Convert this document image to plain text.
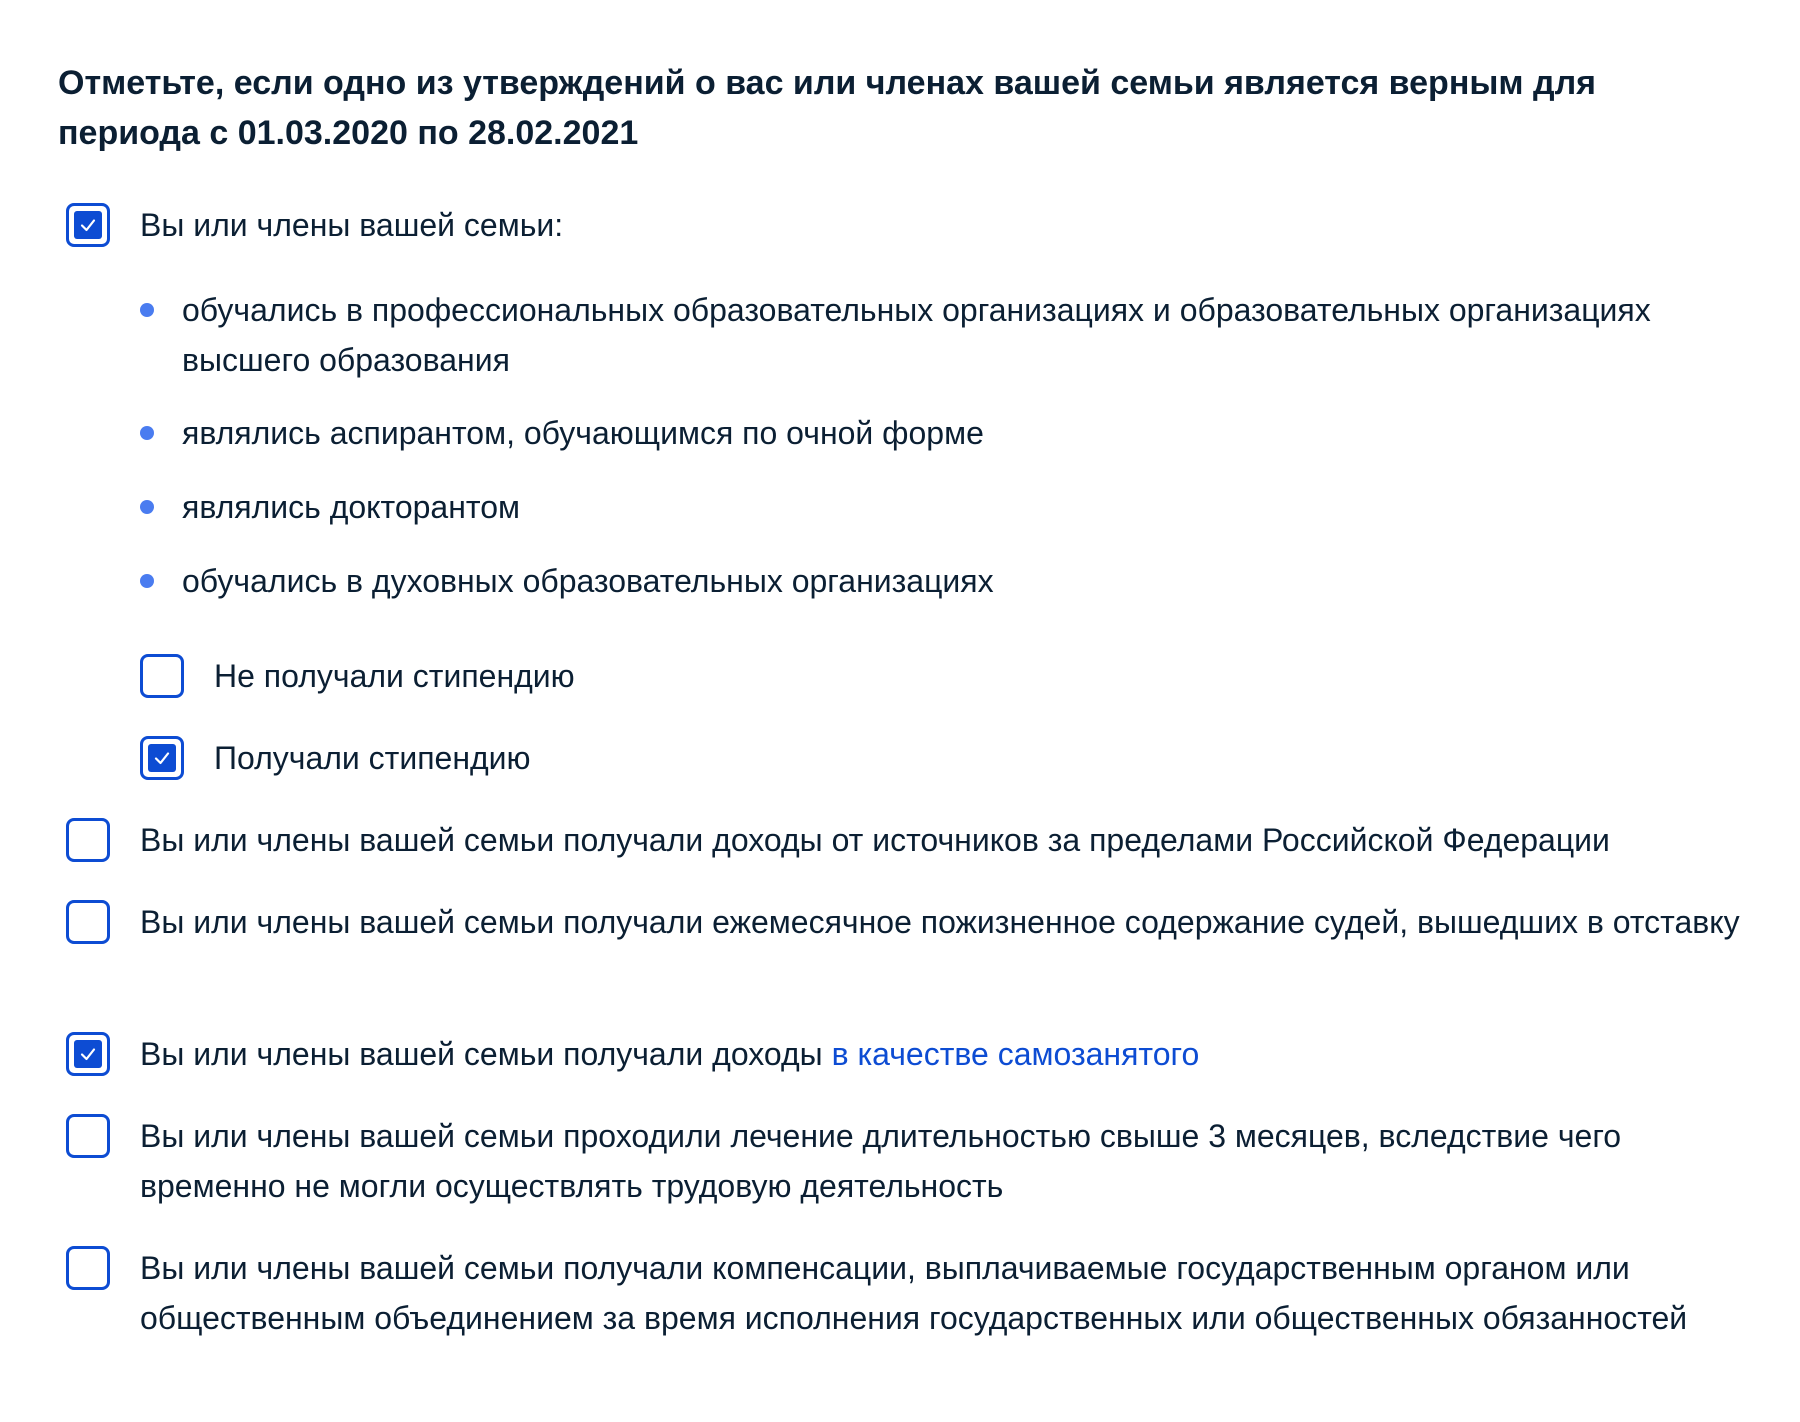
Отметьте, если одно из утверждений о вас или членах вашей семьи является верным для периода с 01.03.2020 по 28.02.2021
Вы или члены вашей семьи:
обучались в профессиональных образовательных организациях и образовательных организациях высшего образования
являлись аспирантом, обучающимся по очной форме
являлись докторантом
обучались в духовных образовательных организациях
Не получали стипендию
Получали стипендию
Вы или члены вашей семьи получали доходы от источников за пределами Российской Федерации
Вы или члены вашей семьи получали ежемесячное пожизненное содержание судей, вышедших в отставку
Вы или члены вашей семьи получали доходы в качестве самозанятого
Вы или члены вашей семьи проходили лечение длительностью свыше 3 месяцев, вследствие чего временно не могли осуществлять трудовую деятельность
Вы или члены вашей семьи получали компенсации, выплачиваемые государственным органом или общественным объединением за время исполнения государственных или общественных обязанностей
